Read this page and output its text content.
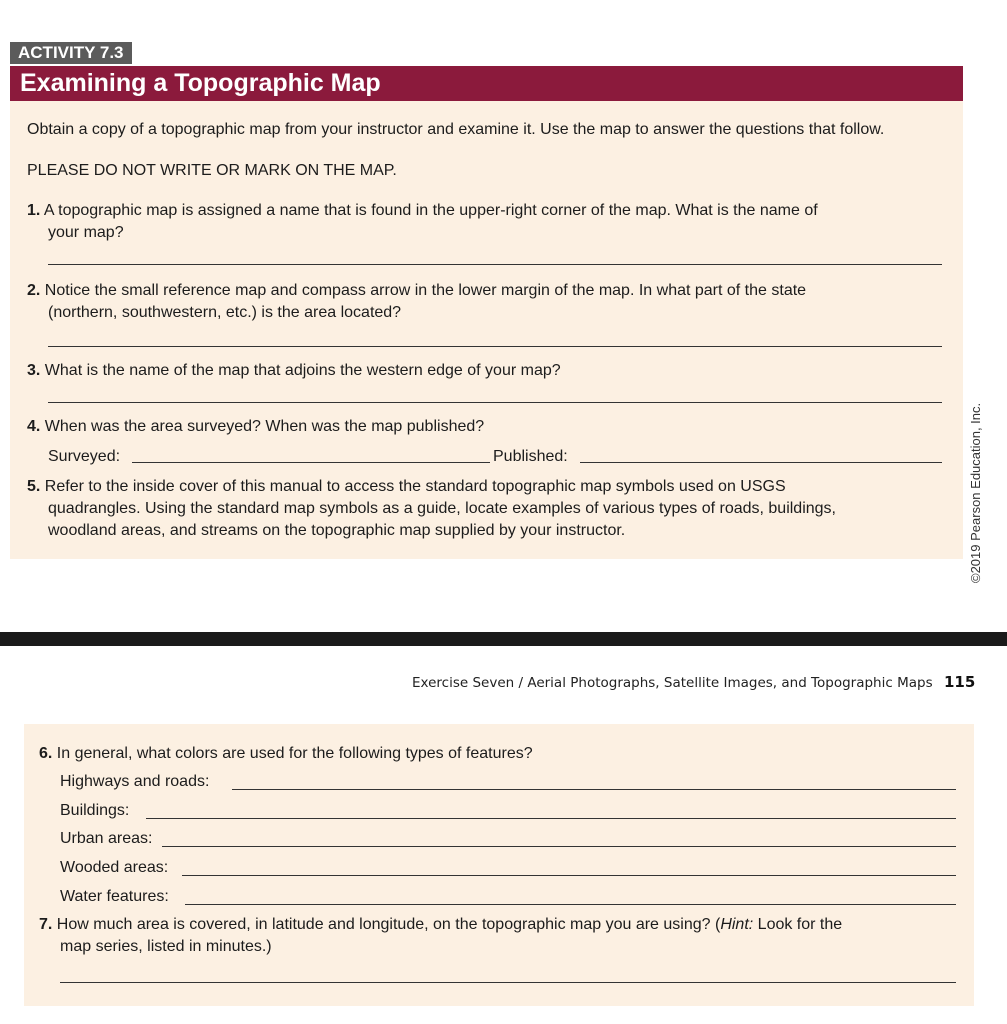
ACTIVITY 7.3
Examining a Topographic Map
Obtain a copy of a topographic map from your instructor and examine it. Use the map to answer the questions that follow.
PLEASE DO NOT WRITE OR MARK ON THE MAP.
1. A topographic map is assigned a name that is found in the upper-right corner of the map. What is the name of
your map?
2. Notice the small reference map and compass arrow in the lower margin of the map. In what part of the state
(northern, southwestern, etc.) is the area located?
3. What is the name of the map that adjoins the western edge of your map?
4. When was the area surveyed? When was the map published?
Surveyed:	Published:
5. Refer to the inside cover of this manual to access the standard topographic map symbols used on USGS
quadrangles. Using the standard map symbols as a guide, locate examples of various types of roads, buildings,
woodland areas, and streams on the topographic map supplied by your instructor.	©2019 Pearson Education, Inc.
Exercise Seven / Aerial Photographs, Satellite Images, and Topographic Maps 115
6. In general, what colors are used for the following types of features?
Highways and roads:
Buildings:
Urban areas:
Wooded areas:
Water features:
7. How much area is covered, in latitude and longitude, on the topographic map you are using? (Hint: Look for the
map series, listed in minutes.)
